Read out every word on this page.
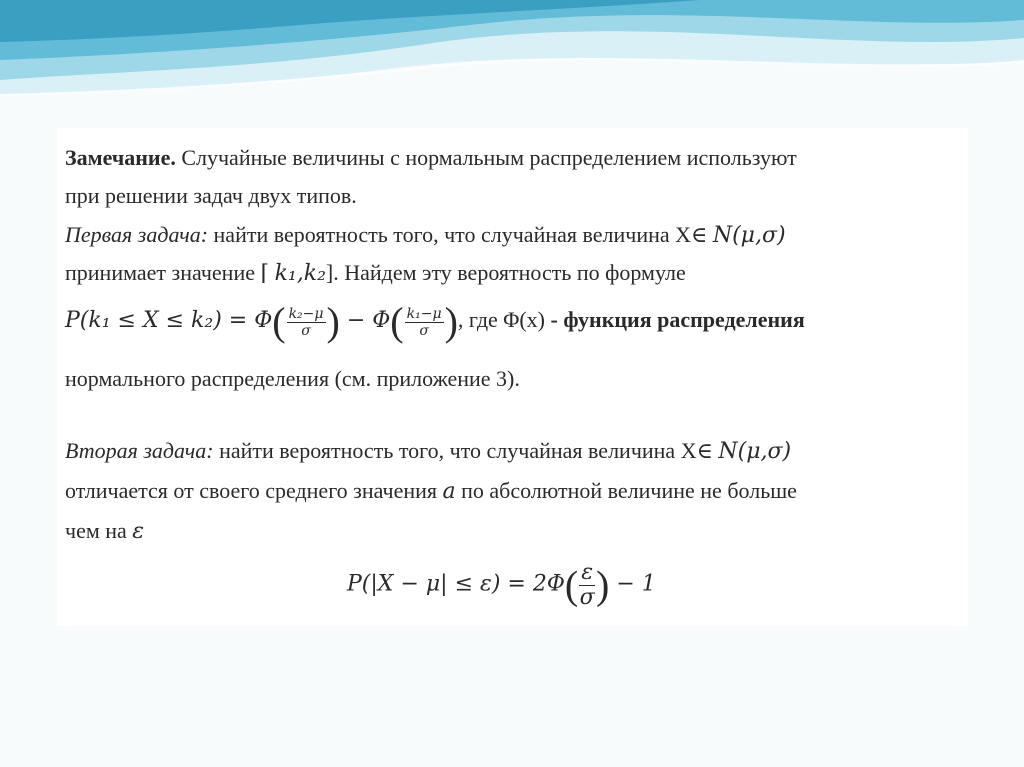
Замечание. Случайные величины с нормальным распределением используют
при решении задач двух типов.
Первая задача: найти вероятность того, что случайная величина X∈ N(μ,σ)
принимает значение ⌈ k₁,k₂]. Найдем эту вероятность по формуле
$P(k_1 \le X \le k_2) = \Phi( \frac{\text{k₂−μ}}{\sigma}$ ) − $\Phi( \frac{\text{k₁−μ}}{\sigma}$ ), где Φ(x) - функция распределения
нормального распределения (см. приложение 3).
Вторая задача: найти вероятность того, что случайная величина X∈ N(μ,σ)
отличается от своего среднего значения a по абсолютной величине не больше
чем на ε
$P(|X - \mu| \le \varepsilon) = 2\Phi( \frac{\varepsilon}{\sigma}$ ) − 1
